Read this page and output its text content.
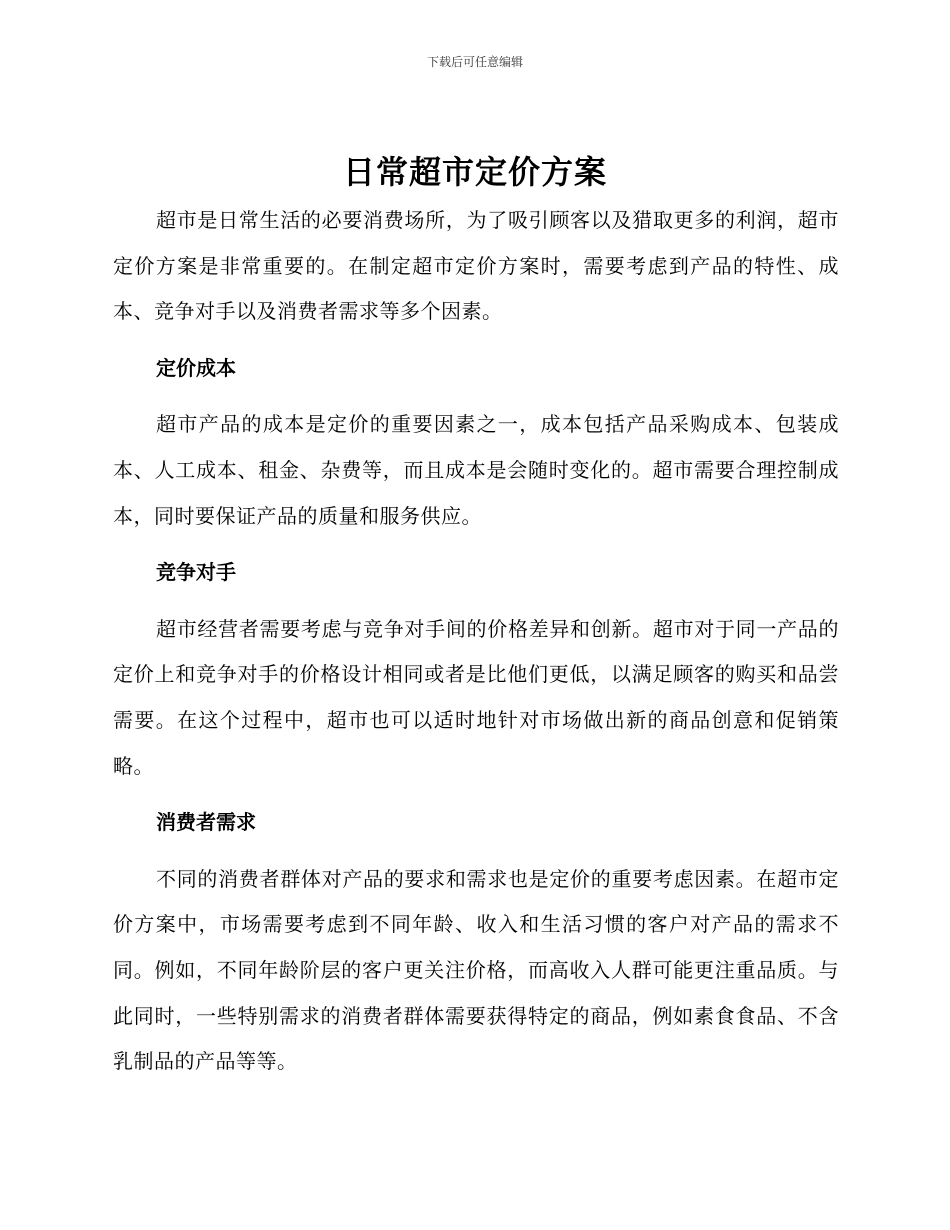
下载后可任意编辑
日常超市定价方案

超市是日常生活的必要消费场所，为了吸引顾客以及猎取更多的利润，超市定价方案是非常重要的。在制定超市定价方案时，需要考虑到产品的特性、成本、竞争对手以及消费者需求等多个因素。

定价成本

超市产品的成本是定价的重要因素之一，成本包括产品采购成本、包装成本、人工成本、租金、杂费等，而且成本是会随时变化的。超市需要合理控制成本，同时要保证产品的质量和服务供应。

竞争对手

超市经营者需要考虑与竞争对手间的价格差异和创新。超市对于同一产品的定价上和竞争对手的价格设计相同或者是比他们更低，以满足顾客的购买和品尝需要。在这个过程中，超市也可以适时地针对市场做出新的商品创意和促销策略。

消费者需求

不同的消费者群体对产品的要求和需求也是定价的重要考虑因素。在超市定价方案中，市场需要考虑到不同年龄、收入和生活习惯的客户对产品的需求不同。例如，不同年龄阶层的客户更关注价格，而高收入人群可能更注重品质。与此同时，一些特别需求的消费者群体需要获得特定的商品，例如素食食品、不含乳制品的产品等等。
